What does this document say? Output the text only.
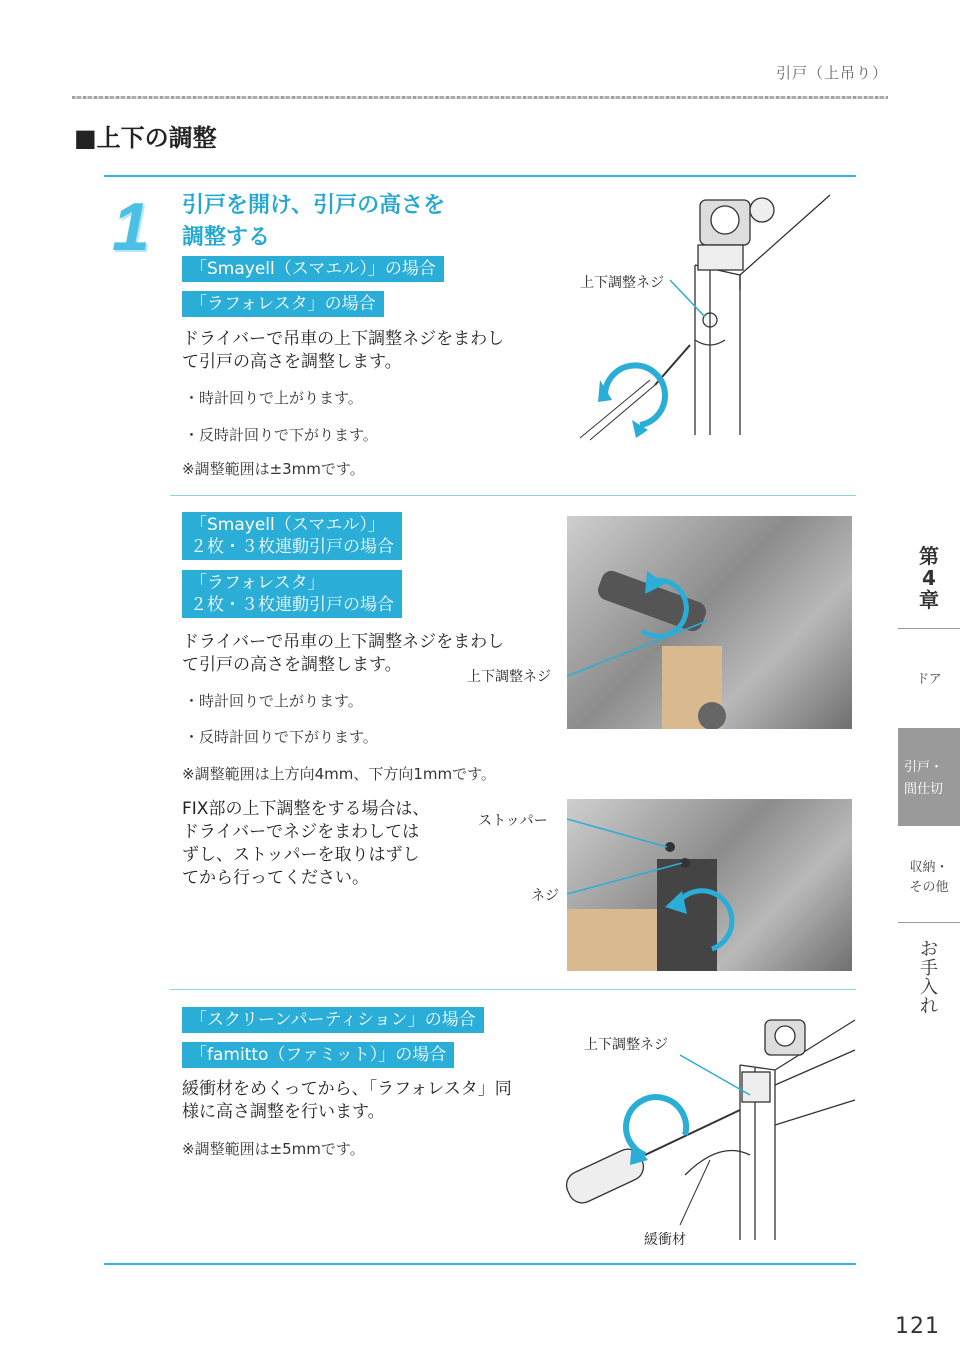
引戸（上吊り）
■上下の調整
1 引戸を開け、引戸の高さを
調整する
「Smayell（スマエル）」の場合
「ラフォレスタ」の場合
ドライバーで吊車の上下調整ネジをまわし
て引戸の高さを調整します。
・時計回りで上がります。
・反時計回りで下がります。
※調整範囲は±3mmです。
上下調整ネジ
「Smayell（スマエル）」
２枚・３枚連動引戸の場合
「ラフォレスタ」
２枚・３枚連動引戸の場合
ドライバーで吊車の上下調整ネジをまわし
て引戸の高さを調整します。
・時計回りで上がります。
・反時計回りで下がります。
※調整範囲は上方向4mm、下方向1mmです。
上下調整ネジ
FIX部の上下調整をする場合は、
ドライバーでネジをまわしては
ずし、ストッパーを取りはずし
てから行ってください。
ストッパー
ネジ
「スクリーンパーティション」の場合
「famitto（ファミット）」の場合
緩衝材をめくってから、「ラフォレスタ」同
様に高さ調整を行います。
※調整範囲は±5mmです。
上下調整ネジ
緩衝材
第
4
章
ドア
引戸・
間仕切
収納・
その他
お
手
入
れ
121
